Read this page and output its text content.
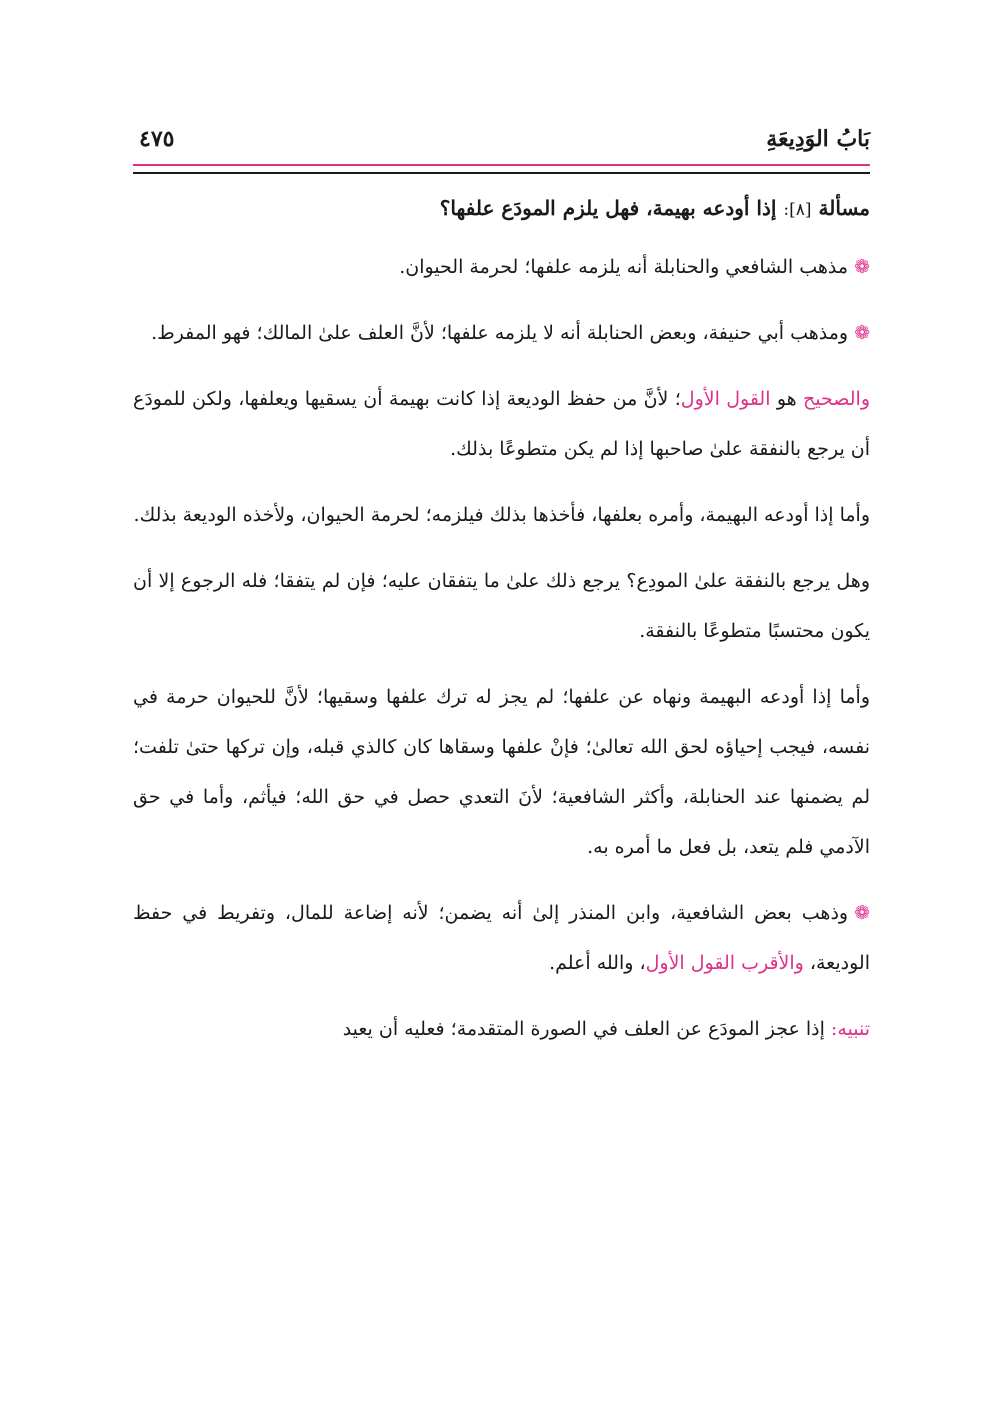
بَابُ الوَدِيعَةِ
٤٧٥
مسألة [٨]: إذا أودعه بهيمة، فهل يلزم المودَع علفها؟

❁مذهب الشافعي والحنابلة أنه يلزمه علفها؛ لحرمة الحيوان.

❁ومذهب أبي حنيفة، وبعض الحنابلة أنه لا يلزمه علفها؛ لأنَّ العلف علىٰ المالك؛ فهو المفرط.

والصحيح هو القول الأول؛ لأنَّ من حفظ الوديعة إذا كانت بهيمة أن يسقيها ويعلفها، ولكن للمودَع أن يرجع بالنفقة علىٰ صاحبها إذا لم يكن متطوعًا بذلك.

وأما إذا أودعه البهيمة، وأمره بعلفها، فأخذها بذلك فيلزمه؛ لحرمة الحيوان، ولأخذه الوديعة بذلك.

وهل يرجع بالنفقة علىٰ المودِع؟ يرجع ذلك علىٰ ما يتفقان عليه؛ فإن لم يتفقا؛ فله الرجوع إلا أن يكون محتسبًا متطوعًا بالنفقة.

وأما إذا أودعه البهيمة ونهاه عن علفها؛ لم يجز له ترك علفها وسقيها؛ لأنَّ للحيوان حرمة في نفسه، فيجب إحياؤه لحق الله تعالىٰ؛ فإنْ علفها وسقاها كان كالذي قبله، وإن تركها حتىٰ تلفت؛ لم يضمنها عند الحنابلة، وأكثر الشافعية؛ لأنَ التعدي حصل في حق الله؛ فيأثم، وأما في حق الآدمي فلم يتعد، بل فعل ما أمره به.

❁وذهب بعض الشافعية، وابن المنذر إلىٰ أنه يضمن؛ لأنه إضاعة للمال، وتفريط في حفظ الوديعة، والأقرب القول الأول، والله أعلم.

تنبيه: إذا عجز المودَع عن العلف في الصورة المتقدمة؛ فعليه أن يعيد
